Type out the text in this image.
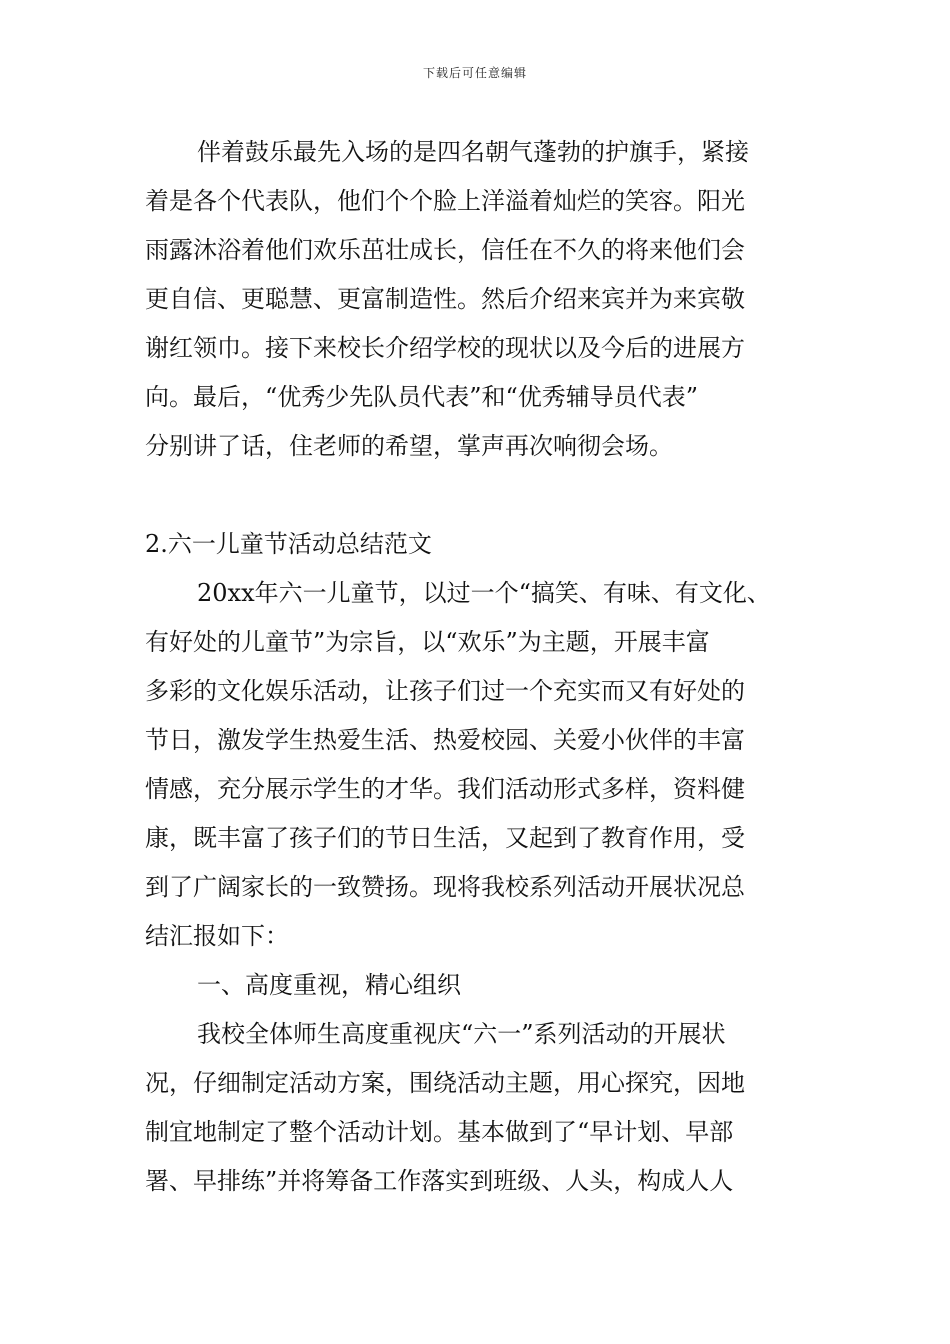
下载后可任意编辑
伴着鼓乐最先入场的是四名朝气蓬勃的护旗手，紧接
着是各个代表队，他们个个脸上洋溢着灿烂的笑容。阳光
雨露沐浴着他们欢乐茁壮成长，信任在不久的将来他们会
更自信、更聪慧、更富制造性。然后介绍来宾并为来宾敬
谢红领巾。接下来校长介绍学校的现状以及今后的进展方
向。最后，“优秀少先队员代表”和“优秀辅导员代表”
分别讲了话，住老师的希望，掌声再次响彻会场。
2.六一儿童节活动总结范文
20xx年六一儿童节，以过一个“搞笑、有味、有文化、
有好处的儿童节”为宗旨，以“欢乐”为主题，开展丰富
多彩的文化娱乐活动，让孩子们过一个充实而又有好处的
节日，激发学生热爱生活、热爱校园、关爱小伙伴的丰富
情感，充分展示学生的才华。我们活动形式多样，资料健
康，既丰富了孩子们的节日生活，又起到了教育作用，受
到了广阔家长的一致赞扬。现将我校系列活动开展状况总
结汇报如下：
一、高度重视，精心组织
我校全体师生高度重视庆“六一”系列活动的开展状
况，仔细制定活动方案，围绕活动主题，用心探究，因地
制宜地制定了整个活动计划。基本做到了“早计划、早部
署、早排练”并将筹备工作落实到班级、人头，构成人人
